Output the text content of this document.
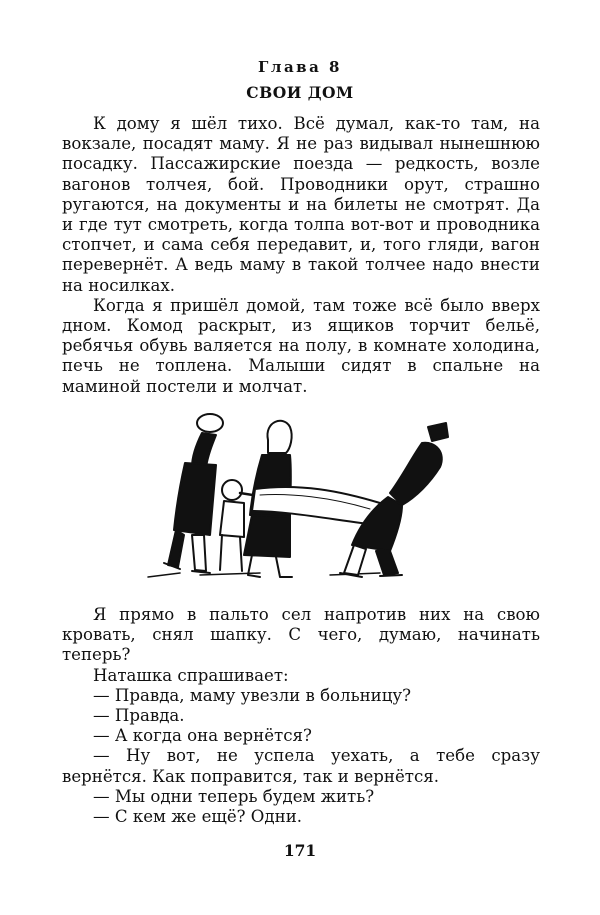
Глава 8
СВОИ ДОМ

К дому я шёл тихо. Всё думал, как-то там, на вокзале, посадят маму. Я не раз видывал нынешнюю посадку. Пассажирские поезда — редкость, возле вагонов толчея, бой. Проводники орут, страшно ругаются, на документы и на билеты не смотрят. Да и где тут смотреть, когда толпа вот-вот и проводника стопчет, и сама себя передавит, и, того гляди, вагон перевернёт. А ведь маму в такой толчее надо внести на носилках.

Когда я пришёл домой, там тоже всё было вверх дном. Комод раскрыт, из ящиков торчит бельё, ребячья обувь валяется на полу, в комнате холодина, печь не топлена. Малыши сидят в спальне на маминой постели и молчат.

Я прямо в пальто сел напротив них на свою кровать, снял шапку. С чего, думаю, начинать теперь?

Наташка спрашивает:

— Правда, маму увезли в больницу?

— Правда.

— А когда она вернётся?

— Ну вот, не успела уехать, а тебе сразу вернётся. Как поправится, так и вернётся.

— Мы одни теперь будем жить?

— С кем же ещё? Одни.

171
